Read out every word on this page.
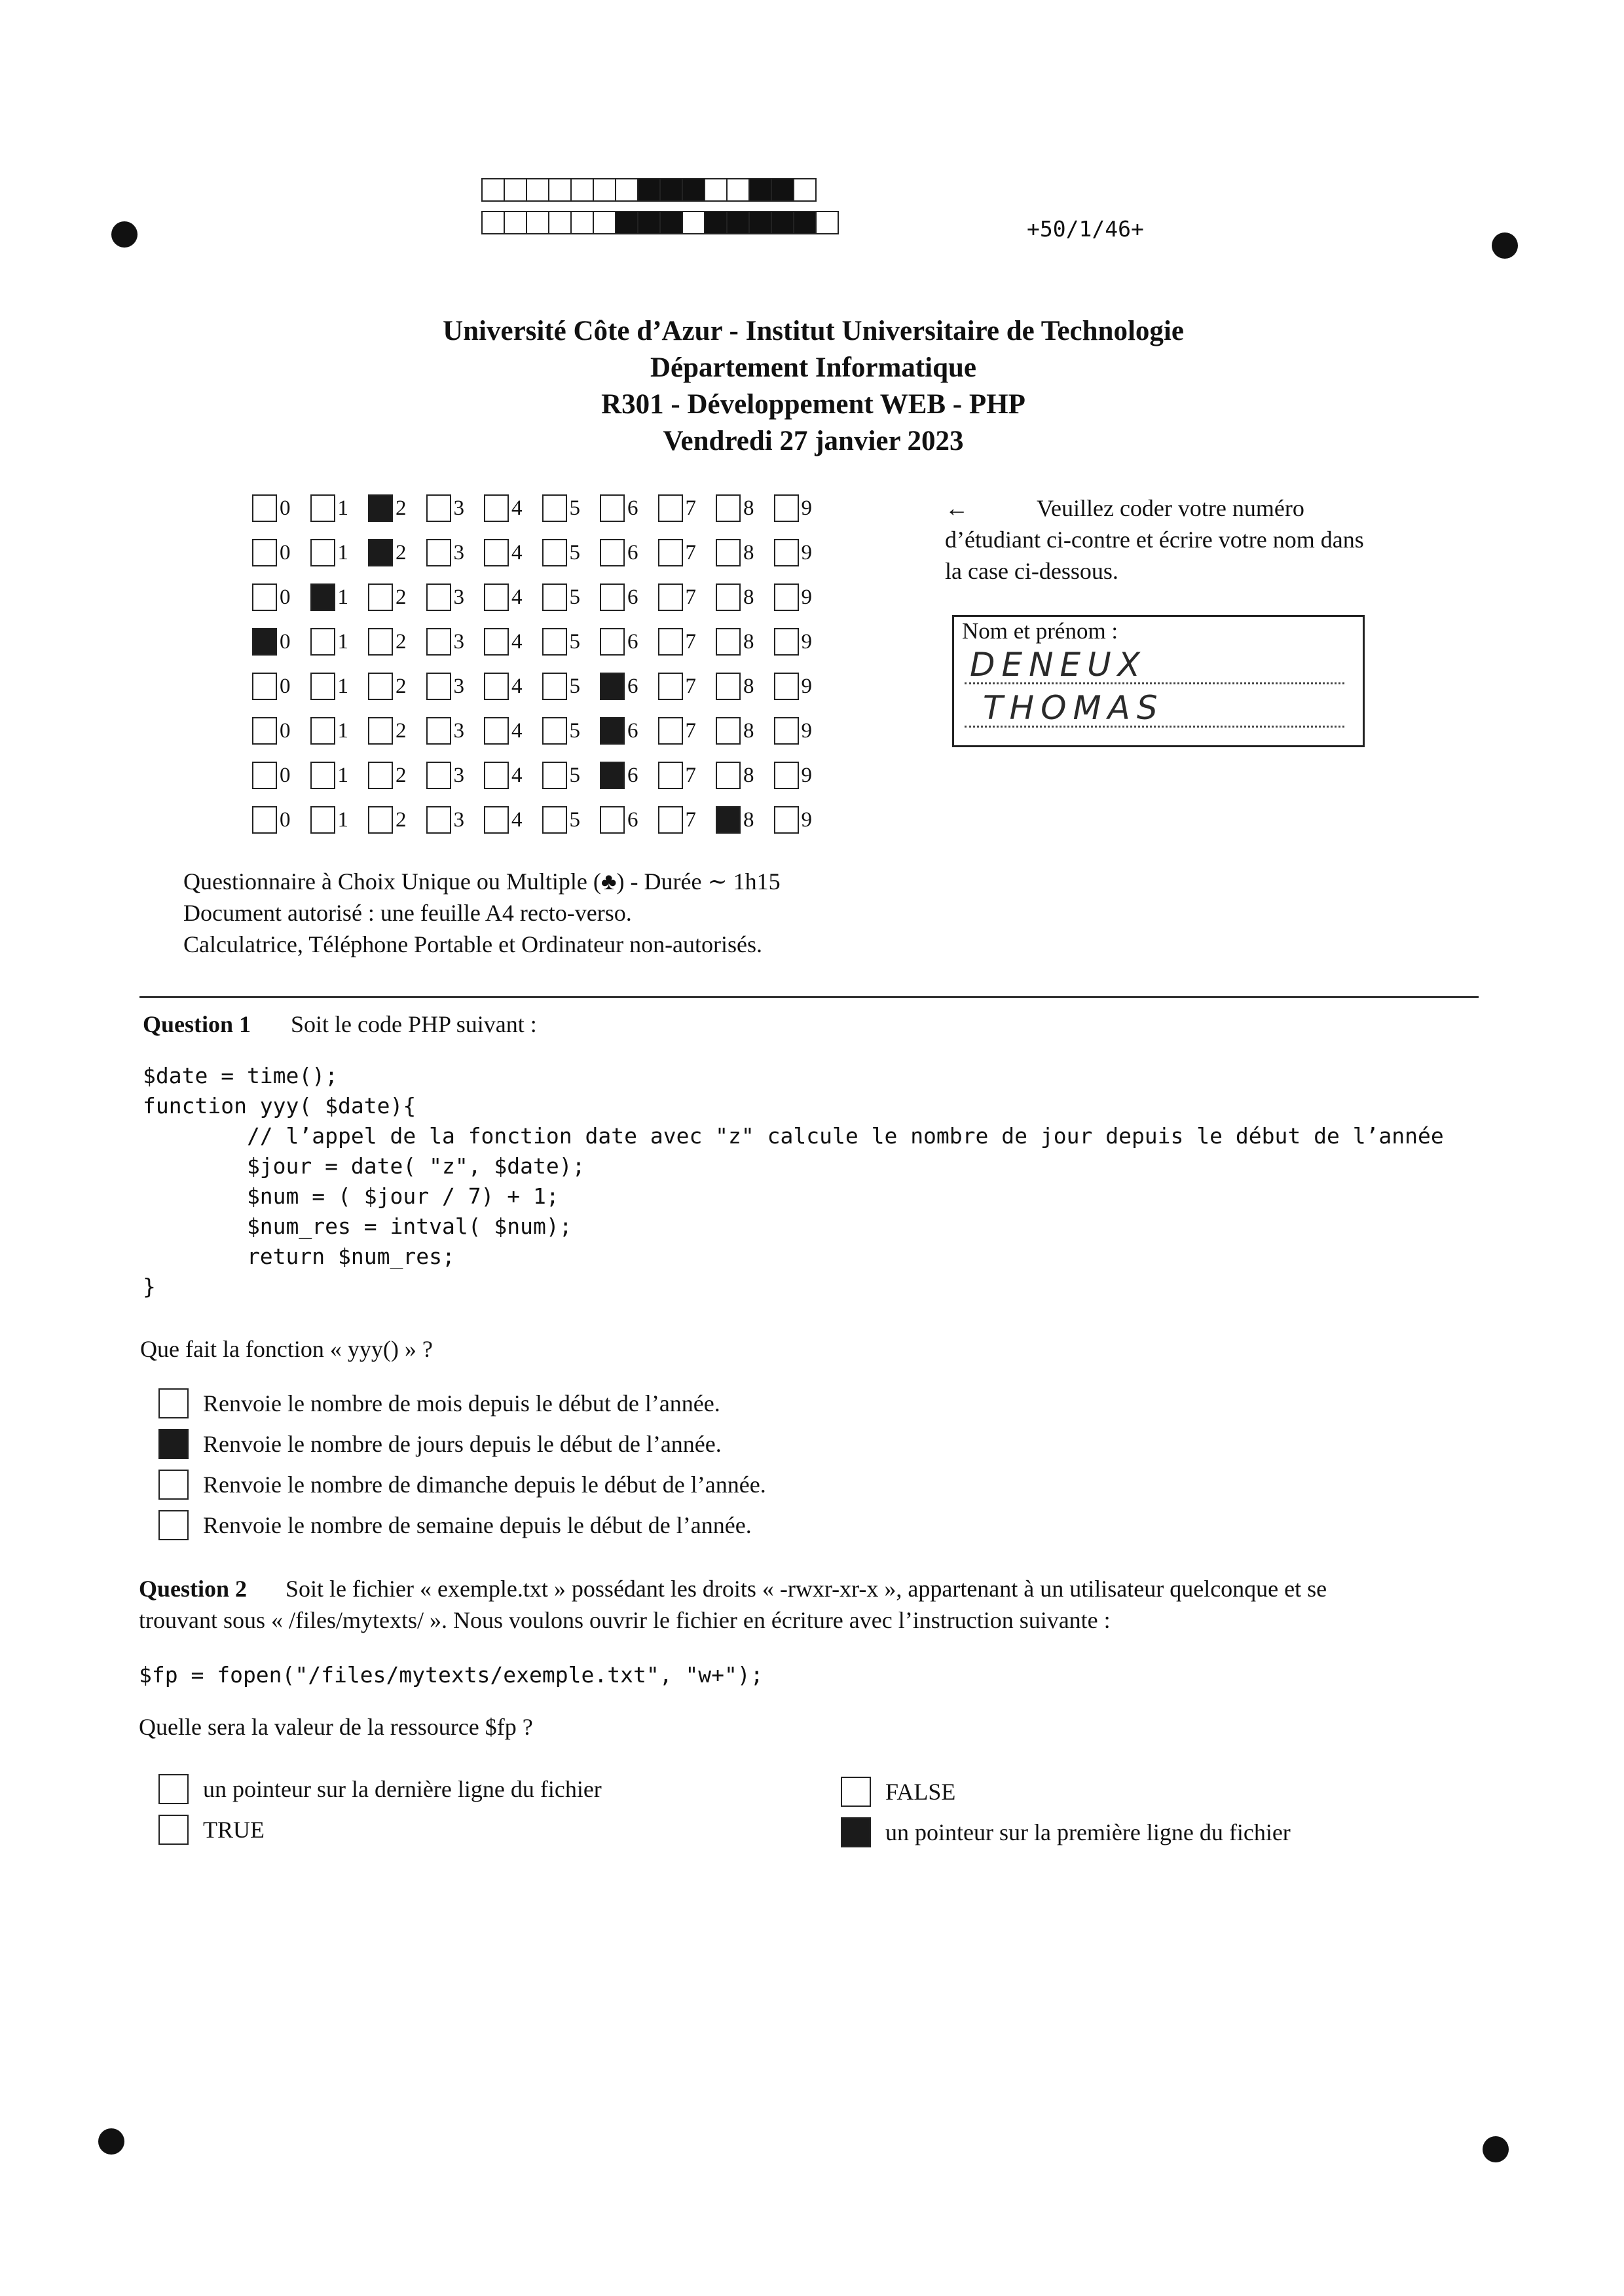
+50/1/46+
Université Côte d’Azur - Institut Universitaire de Technologie
Département Informatique
R301 - Développement WEB - PHP
Vendredi 27 janvier 2023
0 1 2 3 4 5 6 7 8 9
0 1 2 3 4 5 6 7 8 9
0 1 2 3 4 5 6 7 8 9
0 1 2 3 4 5 6 7 8 9
0 1 2 3 4 5 6 7 8 9
0 1 2 3 4 5 6 7 8 9
0 1 2 3 4 5 6 7 8 9
0 1 2 3 4 5 6 7 8 9
←	Veuillez coder votre numéro d’étudiant ci-contre et écrire votre nom dans la case ci-dessous.
Nom et prénom :
DENEUX
THOMAS
Questionnaire à Choix Unique ou Multiple (♣) - Durée ∼ 1h15
Document autorisé : une feuille A4 recto-verso.
Calculatrice, Téléphone Portable et Ordinateur non-autorisés.
Question 1 Soit le code PHP suivant :
$date = time();
function yyy( $date){
// l’appel de la fonction date avec "z" calcule le nombre de jour depuis le début de l’année
$jour = date( "z", $date);
$num = ( $jour / 7) + 1;
$num_res = intval( $num);
return $num_res;
}
Que fait la fonction « yyy() » ?
Renvoie le nombre de mois depuis le début de l’année.
Renvoie le nombre de jours depuis le début de l’année.
Renvoie le nombre de dimanche depuis le début de l’année.
Renvoie le nombre de semaine depuis le début de l’année.
Question 2 Soit le fichier « exemple.txt » possédant les droits « -rwxr-xr-x », appartenant à un utilisateur quelconque et se
trouvant sous « /files/mytexts/ ». Nous voulons ouvrir le fichier en écriture avec l’instruction suivante :
$fp = fopen("/files/mytexts/exemple.txt", "w+");
Quelle sera la valeur de la ressource $fp ?
un pointeur sur la dernière ligne du fichier
TRUE
FALSE
un pointeur sur la première ligne du fichier
